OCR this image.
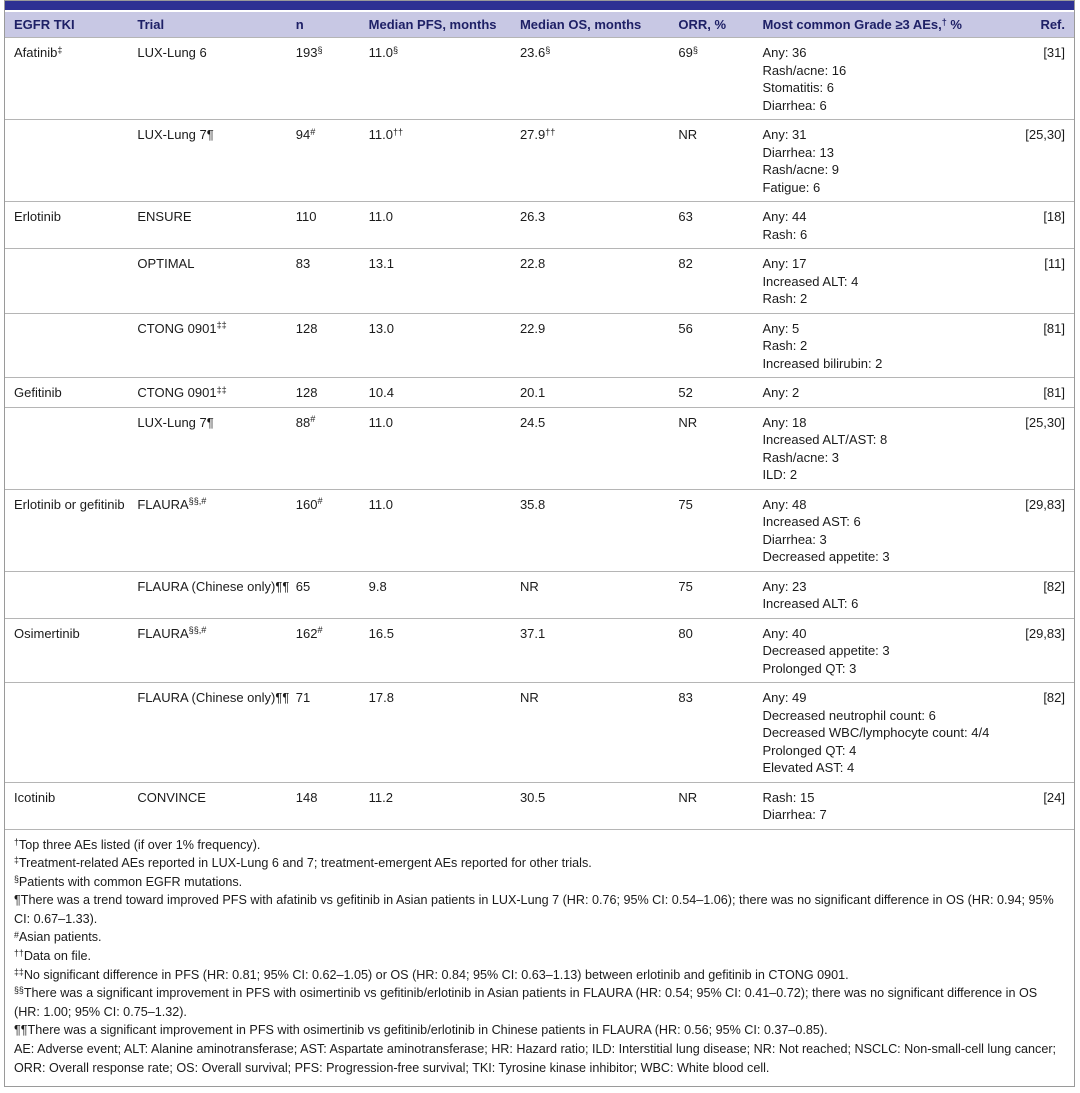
EGFR TKI	Trial	n	Median PFS, months	Median OS, months	ORR, %	Most common Grade ≥3 AEs,† %	Ref.
Afatinib‡	LUX-Lung 6	193§	11.0§	23.6§	69§	Any: 36
Rash/acne: 16
Stomatitis: 6
Diarrhea: 6	[31]
	LUX-Lung 7¶	94#	11.0††	27.9††	NR	Any: 31
Diarrhea: 13
Rash/acne: 9
Fatigue: 6	[25,30]
Erlotinib	ENSURE	110	11.0	26.3	63	Any: 44
Rash: 6	[18]
	OPTIMAL	83	13.1	22.8	82	Any: 17
Increased ALT: 4
Rash: 2	[11]
	CTONG 0901‡‡	128	13.0	22.9	56	Any: 5
Rash: 2
Increased bilirubin: 2	[81]
Gefitinib	CTONG 0901‡‡	128	10.4	20.1	52	Any: 2	[81]
	LUX-Lung 7¶	88#	11.0	24.5	NR	Any: 18
Increased ALT/AST: 8
Rash/acne: 3
ILD: 2	[25,30]
Erlotinib or gefitinib	FLAURA§§,#	160#	11.0	35.8	75	Any: 48
Increased AST: 6
Diarrhea: 3
Decreased appetite: 3	[29,83]
	FLAURA (Chinese only)¶¶	65	9.8	NR	75	Any: 23
Increased ALT: 6	[82]
Osimertinib	FLAURA§§,#	162#	16.5	37.1	80	Any: 40
Decreased appetite: 3
Prolonged QT: 3	[29,83]
	FLAURA (Chinese only)¶¶	71	17.8	NR	83	Any: 49
Decreased neutrophil count: 6
Decreased WBC/lymphocyte count: 4/4
Prolonged QT: 4
Elevated AST: 4	[82]
Icotinib	CONVINCE	148	11.2	30.5	NR	Rash: 15
Diarrhea: 7	[24]
†Top three AEs listed (if over 1% frequency).
‡Treatment-related AEs reported in LUX-Lung 6 and 7; treatment-emergent AEs reported for other trials.
§Patients with common EGFR mutations.
¶There was a trend toward improved PFS with afatinib vs gefitinib in Asian patients in LUX-Lung 7 (HR: 0.76; 95% CI: 0.54–1.06); there was no significant difference in OS (HR: 0.94; 95% CI: 0.67–1.33).
#Asian patients.
††Data on file.
‡‡No significant difference in PFS (HR: 0.81; 95% CI: 0.62–1.05) or OS (HR: 0.84; 95% CI: 0.63–1.13) between erlotinib and gefitinib in CTONG 0901.
§§There was a significant improvement in PFS with osimertinib vs gefitinib/erlotinib in Asian patients in FLAURA (HR: 0.54; 95% CI: 0.41–0.72); there was no significant difference in OS (HR: 1.00; 95% CI: 0.75–1.32).
¶¶There was a significant improvement in PFS with osimertinib vs gefitinib/erlotinib in Chinese patients in FLAURA (HR: 0.56; 95% CI: 0.37–0.85).
AE: Adverse event; ALT: Alanine aminotransferase; AST: Aspartate aminotransferase; HR: Hazard ratio; ILD: Interstitial lung disease; NR: Not reached; NSCLC: Non-small-cell lung cancer; ORR: Overall response rate; OS: Overall survival; PFS: Progression-free survival; TKI: Tyrosine kinase inhibitor; WBC: White blood cell.
